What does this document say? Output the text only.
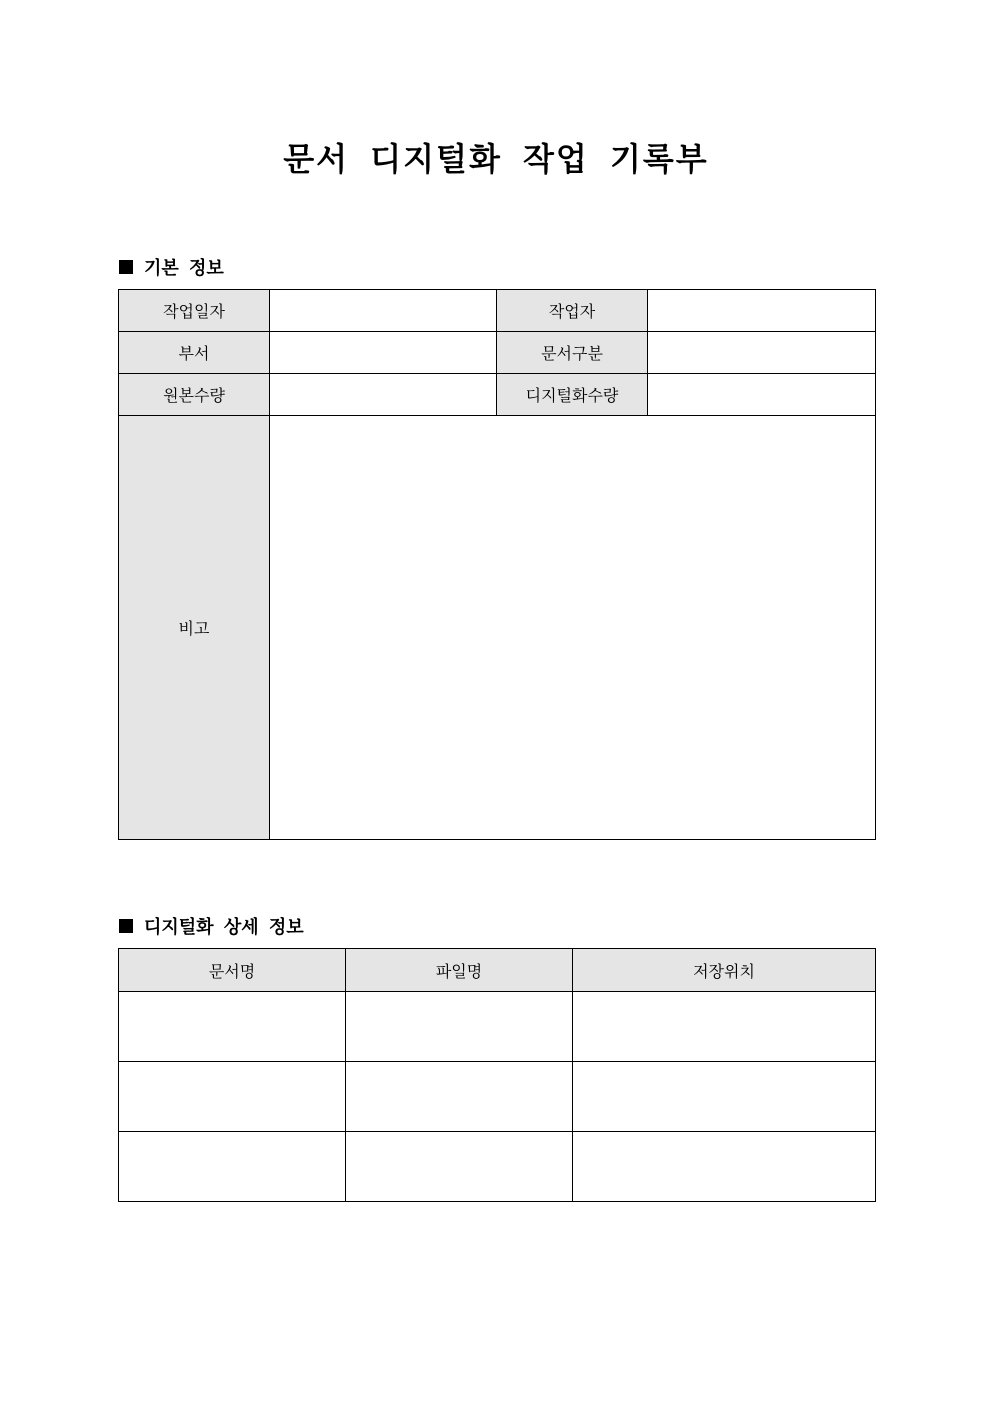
문서 디지털화 작업 기록부
기본 정보
작업일자		작업자	
부서		문서구분	
원본수량		디지털화수량	
비고			
디지털화 상세 정보
문서명	파일명	저장위치
